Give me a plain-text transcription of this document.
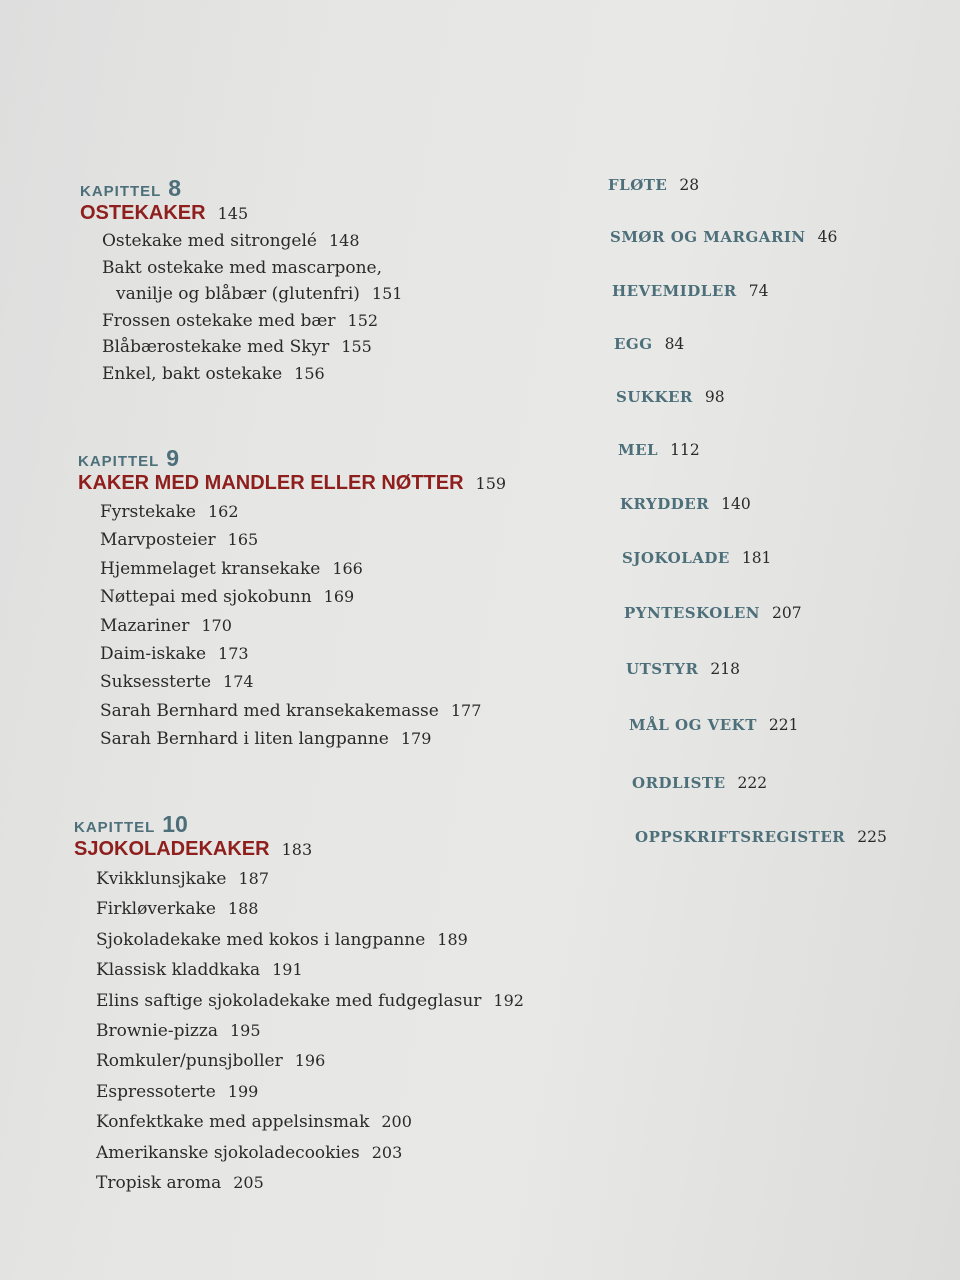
KAPITTEL 8
OSTEKAKER 145
Ostekake med sitrongelé 148
Bakt ostekake med mascarpone,
vanilje og blåbær (glutenfri) 151
Frossen ostekake med bær 152
Blåbærostekake med Skyr 155
Enkel, bakt ostekake 156
KAPITTEL 9
KAKER MED MANDLER ELLER NØTTER 159
Fyrstekake 162
Marvposteier 165
Hjemmelaget kransekake 166
Nøttepai med sjokobunn 169
Mazariner 170
Daim-iskake 173
Suksessterte 174
Sarah Bernhard med kransekakemasse 177
Sarah Bernhard i liten langpanne 179
KAPITTEL 10
SJOKOLADEKAKER 183
Kvikklunsjkake 187
Firkløverkake 188
Sjokoladekake med kokos i langpanne 189
Klassisk kladdkaka 191
Elins saftige sjokoladekake med fudgeglasur 192
Brownie-pizza 195
Romkuler/punsjboller 196
Espressoterte 199
Konfektkake med appelsinsmak 200
Amerikanske sjokoladecookies 203
Tropisk aroma 205
FLØTE 28
SMØR OG MARGARIN 46
HEVEMIDLER 74
EGG 84
SUKKER 98
MEL 112
KRYDDER 140
SJOKOLADE 181
PYNTESKOLEN 207
UTSTYR 218
MÅL OG VEKT 221
ORDLISTE 222
OPPSKRIFTSREGISTER 225
